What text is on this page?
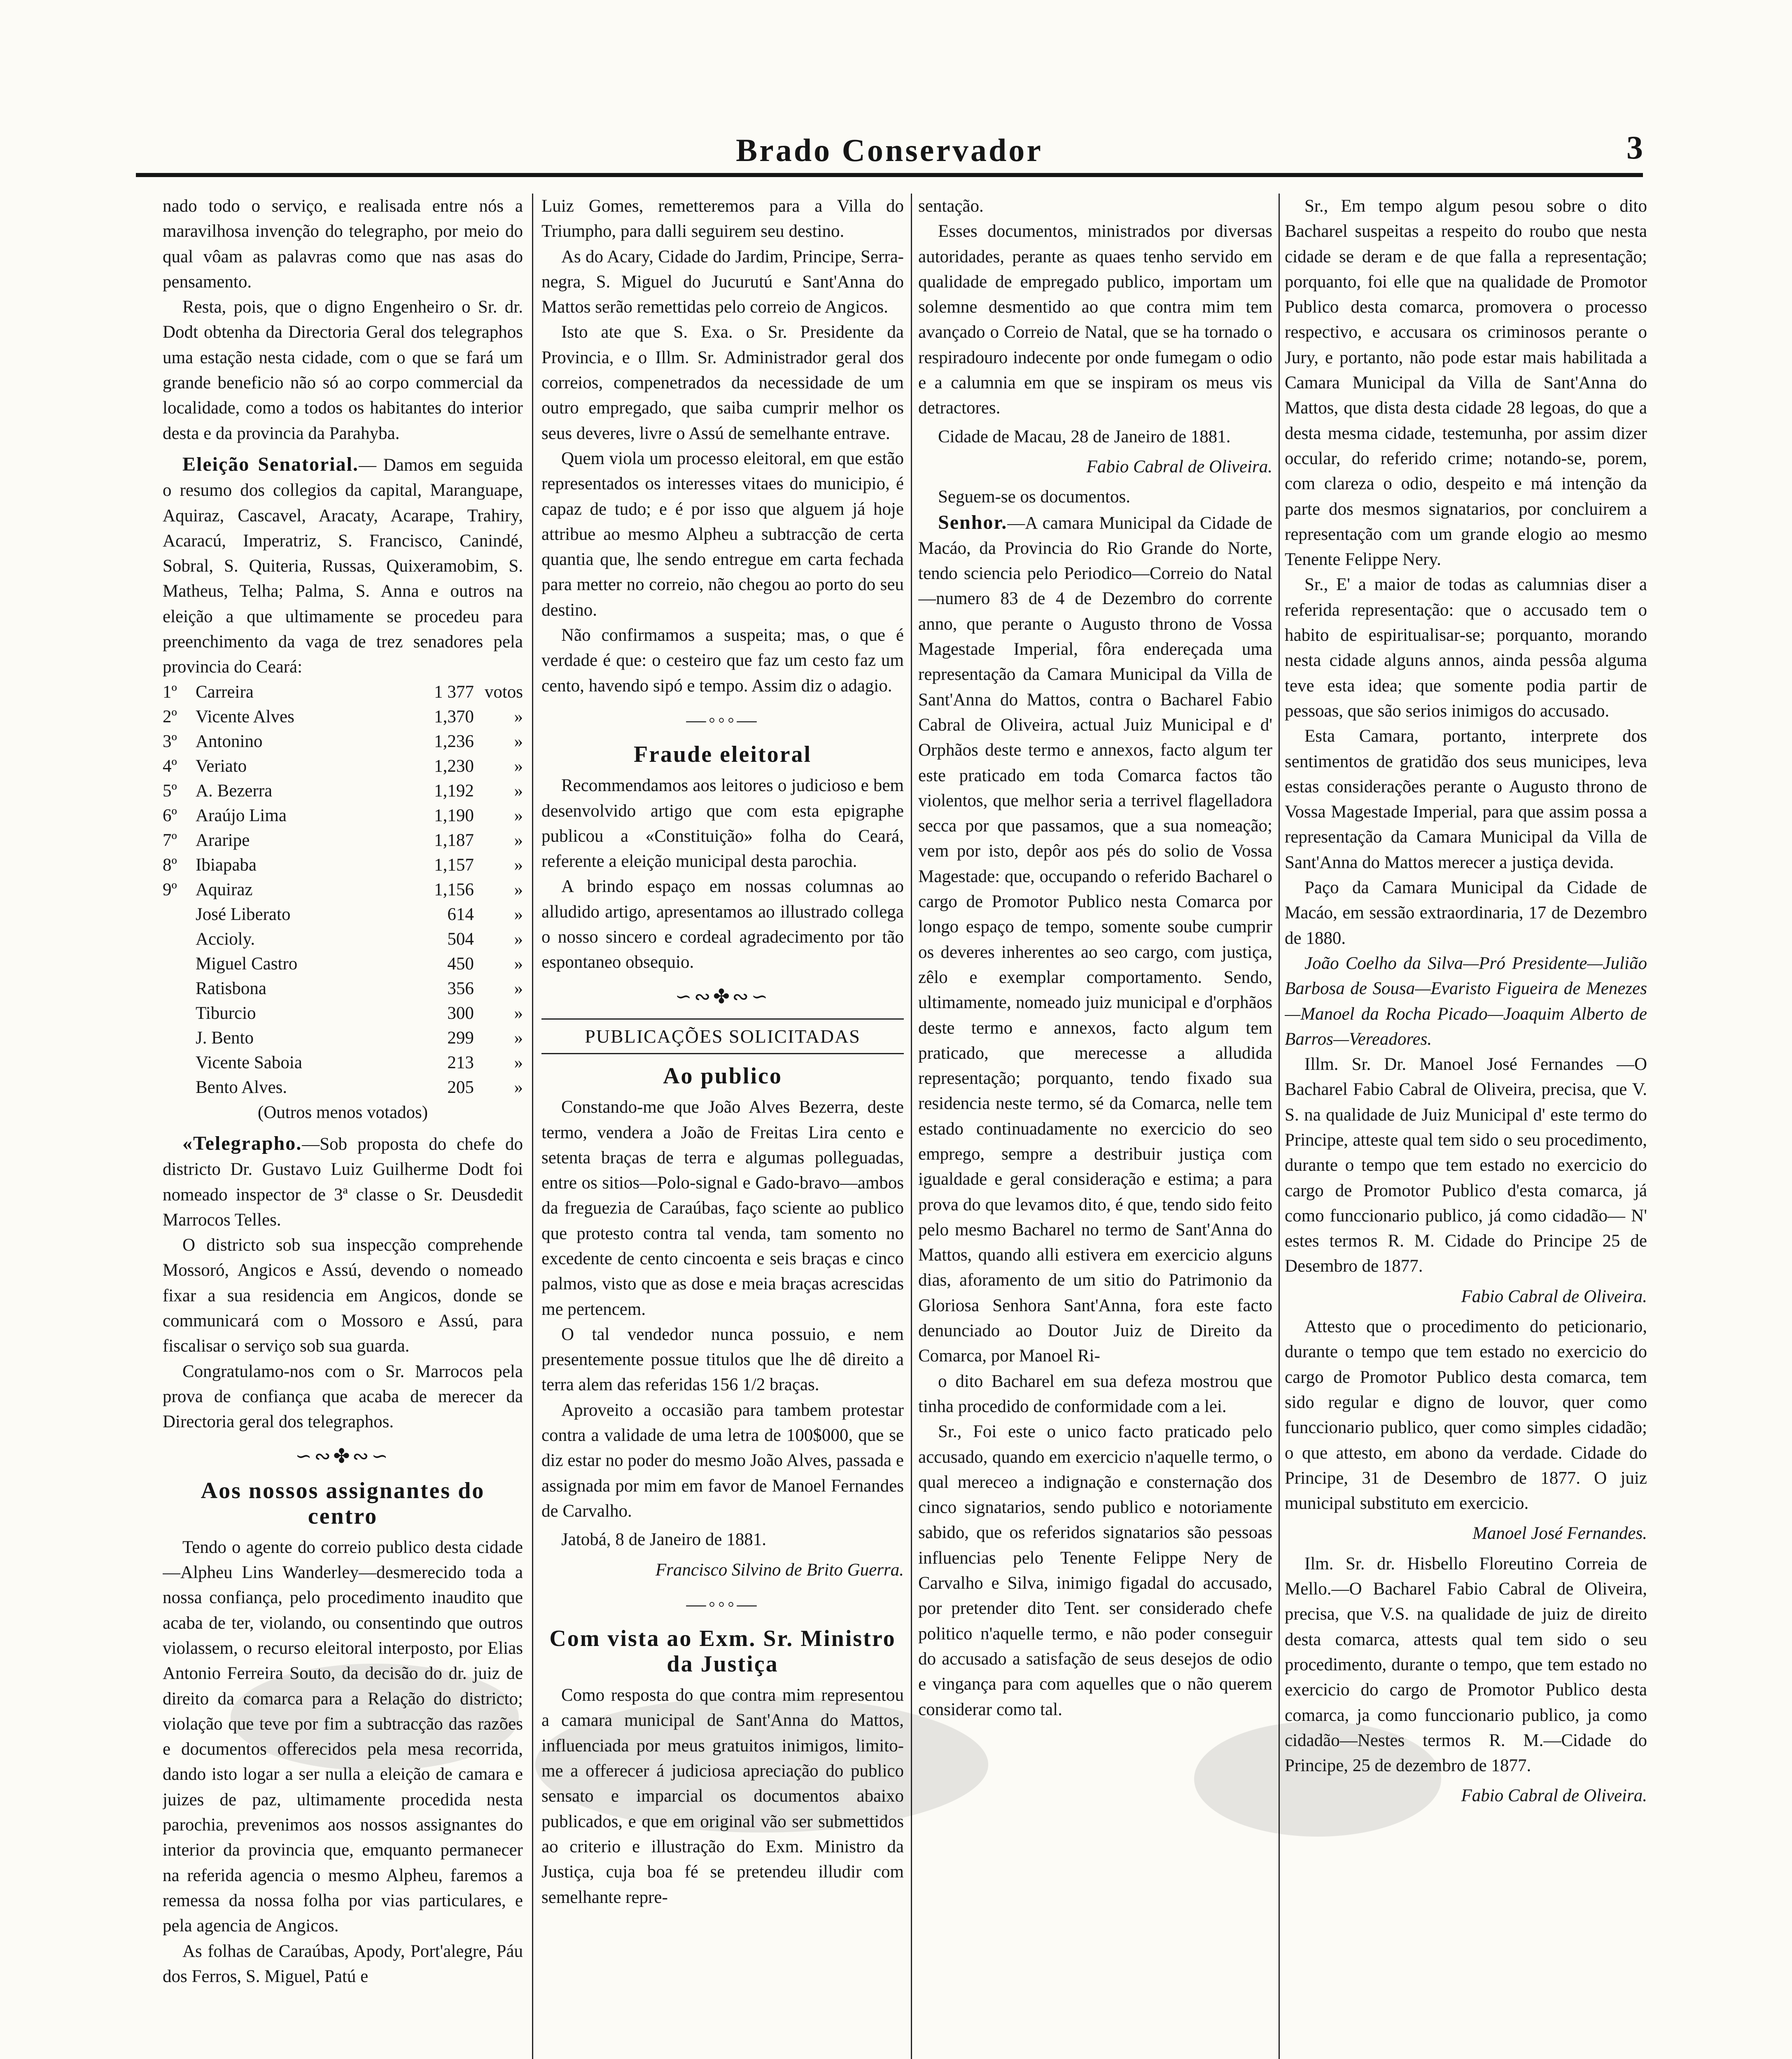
Brado Conservador	3

nado todo o serviço, e realisada entre nós a maravilhosa invenção do telegrapho, por meio do qual vôam as palavras como que nas asas do pensamento.

Resta, pois, que o digno Engenheiro o Sr. dr. Dodt obtenha da Directoria Geral dos telegraphos uma estação nesta cidade, com o que se fará um grande beneficio não só ao corpo commercial da localidade, como a todos os habitantes do interior desta e da provincia da Parahyba.

Eleição Senatorial.— Damos em seguida o resumo dos collegios da capital, Maranguape, Aquiraz, Cascavel, Aracaty, Acarape, Trahiry, Acaracú, Imperatriz, S. Francisco, Canindé, Sobral, S. Quiteria, Russas, Quixeramobim, S. Matheus, Telha; Palma, S. Anna e outros na eleição a que ultimamente se procedeu para preenchimento da vaga de trez senadores pela provincia do Ceará:

1º	Carreira	1 377	votos
2º	Vicente Alves	1,370	»
3º	Antonino	1,236	»
4º	Veriato	1,230	»
5º	A. Bezerra	1,192	»
6º	Araújo Lima	1,190	»
7º	Araripe	1,187	»
8º	Ibiapaba	1,157	»
9º	Aquiraz	1,156	»
	José Liberato	614	»
	Accioly.	504	»
	Miguel Castro	450	»
	Ratisbona	356	»
	Tiburcio	300	»
	J. Bento	299	»
	Vicente Saboia	213	»
	Bento Alves.	205	»

(Outros menos votados)

«Telegrapho.—Sob proposta do chefe do districto Dr. Gustavo Luiz Guilherme Dodt foi nomeado inspector de 3ª classe o Sr. Deusdedit Marrocos Telles.

O districto sob sua inspecção comprehende Mossoró, Angicos e Assú, devendo o nomeado fixar a sua residencia em Angicos, donde se communicará com o Mossoro e Assú, para fiscalisar o serviço sob sua guarda.

Congratulamo-nos com o Sr. Marrocos pela prova de confiança que acaba de merecer da Directoria geral dos telegraphos.

∽∾✤∾∽
Aos nossos assignantes do centro

Tendo o agente do correio publico desta cidade—Alpheu Lins Wanderley—desmerecido toda a nossa confiança, pelo procedimento inaudito que acaba de ter, violando, ou consentindo que outros violassem, o recurso eleitoral interposto, por Elias Antonio Ferreira Souto, da decisão do dr. juiz de direito da comarca para a Relação do districto; violação que teve por fim a subtracção das razões e documentos offerecidos pela mesa recorrida, dando isto logar a ser nulla a eleição de camara e juizes de paz, ultimamente procedida nesta parochia, prevenimos aos nossos assignantes do interior da provincia que, emquanto permanecer na referida agencia o mesmo Alpheu, faremos a remessa da nossa folha por vias particulares, e pela agencia de Angicos.

As folhas de Caraúbas, Apody, Port'alegre, Páu dos Ferros, S. Miguel, Patú e

Luiz Gomes, remetteremos para a Villa do Triumpho, para dalli seguirem seu destino.

As do Acary, Cidade do Jardim, Principe, Serra-negra, S. Miguel do Jucurutú e Sant'Anna do Mattos serão remettidas pelo correio de Angicos.

Isto ate que S. Exa. o Sr. Presidente da Provincia, e o Illm. Sr. Administrador geral dos correios, compenetrados da necessidade de um outro empregado, que saiba cumprir melhor os seus deveres, livre o Assú de semelhante entrave.

Quem viola um processo eleitoral, em que estão representados os interesses vitaes do municipio, é capaz de tudo; e é por isso que alguem já hoje attribue ao mesmo Alpheu a subtracção de certa quantia que, lhe sendo entregue em carta fechada para metter no correio, não chegou ao porto do seu destino.

Não confirmamos a suspeita; mas, o que é verdade é que: o cesteiro que faz um cesto faz um cento, havendo sipó e tempo. Assim diz o adagio.

—◦◦◦—
Fraude eleitoral

Recommendamos aos leitores o judicioso e bem desenvolvido artigo que com esta epigraphe publicou a «Constituição» folha do Ceará, referente a eleição municipal desta parochia.

A brindo espaço em nossas columnas ao alludido artigo, apresentamos ao illustrado collega o nosso sincero e cordeal agradecimento por tão espontaneo obsequio.

∽∾✤∾∽
PUBLICAÇÕES SOLICITADAS
Ao publico

Constando-me que João Alves Bezerra, deste termo, vendera a João de Freitas Lira cento e setenta braças de terra e algumas polleguadas, entre os sitios—Polo-signal e Gado-bravo—ambos da freguezia de Caraúbas, faço sciente ao publico que protesto contra tal venda, tam somento no excedente de cento cincoenta e seis braças e cinco palmos, visto que as dose e meia braças acrescidas me pertencem.

O tal vendedor nunca possuio, e nem presentemente possue titulos que lhe dê direito a terra alem das referidas 156 1/2 braças.

Aproveito a occasião para tambem protestar contra a validade de uma letra de 100$000, que se diz estar no poder do mesmo João Alves, passada e assignada por mim em favor de Manoel Fernandes de Carvalho.

Jatobá, 8 de Janeiro de 1881.

Francisco Silvino de Brito Guerra.

—◦◦◦—
Com vista ao Exm. Sr. Ministro da Justiça

Como resposta do que contra mim representou a camara municipal de Sant'Anna do Mattos, influenciada por meus gratuitos inimigos, limito-me a offerecer á judiciosa apreciação do publico sensato e imparcial os documentos abaixo publicados, e que em original vão ser submettidos ao criterio e illustração do Exm. Ministro da Justiça, cuja boa fé se pretendeu illudir com semelhante repre-

sentação.

Esses documentos, ministrados por diversas autoridades, perante as quaes tenho servido em qualidade de empregado publico, importam um solemne desmentido ao que contra mim tem avançado o Correio de Natal, que se ha tornado o respiradouro indecente por onde fumegam o odio e a calumnia em que se inspiram os meus vis detractores.

Cidade de Macau, 28 de Janeiro de 1881.

Fabio Cabral de Oliveira.

Seguem-se os documentos.

Senhor.—A camara Municipal da Cidade de Macáo, da Provincia do Rio Grande do Norte, tendo sciencia pelo Periodico—Correio do Natal—numero 83 de 4 de Dezembro do corrente anno, que perante o Augusto throno de Vossa Magestade Imperial, fôra endereçada uma representação da Camara Municipal da Villa de Sant'Anna do Mattos, contra o Bacharel Fabio Cabral de Oliveira, actual Juiz Municipal e d' Orphãos deste termo e annexos, facto algum ter este praticado em toda Comarca factos tão violentos, que melhor seria a terrivel flagelladora secca por que passamos, que a sua nomeação; vem por isto, depôr aos pés do solio de Vossa Magestade: que, occupando o referido Bacharel o cargo de Promotor Publico nesta Comarca por longo espaço de tempo, somente soube cumprir os deveres inherentes ao seo cargo, com justiça, zêlo e exemplar comportamento. Sendo, ultimamente, nomeado juiz municipal e d'orphãos deste termo e annexos, facto algum tem praticado, que merecesse a alludida representação; porquanto, tendo fixado sua residencia neste termo, sé da Comarca, nelle tem estado continuadamente no exercicio do seo emprego, sempre a destribuir justiça com igualdade e geral consideração e estima; a para prova do que levamos dito, é que, tendo sido feito pelo mesmo Bacharel no termo de Sant'Anna do Mattos, quando alli estivera em exercicio alguns dias, aforamento de um sitio do Patrimonio da Gloriosa Senhora Sant'Anna, fora este facto denunciado ao Doutor Juiz de Direito da Comarca, por Manoel Ri-

o dito Bacharel em sua defeza mostrou que tinha procedido de conformidade com a lei.

Sr., Foi este o unico facto praticado pelo accusado, quando em exercicio n'aquelle termo, o qual mereceo a indignação e consternação dos cinco signatarios, sendo publico e notoriamente sabido, que os referidos signatarios são pessoas influencias pelo Tenente Felippe Nery de Carvalho e Silva, inimigo figadal do accusado, por pretender dito Tent. ser considerado chefe politico n'aquelle termo, e não poder conseguir do accusado a satisfação de seus desejos de odio e vingança para com aquelles que o não querem considerar como tal.

Sr., Em tempo algum pesou sobre o dito Bacharel suspeitas a respeito do roubo que nesta cidade se deram e de que falla a representação; porquanto, foi elle que na qualidade de Promotor Publico desta comarca, promovera o processo respectivo, e accusara os criminosos perante o Jury, e portanto, não pode estar mais habilitada a Camara Municipal da Villa de Sant'Anna do Mattos, que dista desta cidade 28 legoas, do que a desta mesma cidade, testemunha, por assim dizer occular, do referido crime; notando-se, porem, com clareza o odio, despeito e má intenção da parte dos mesmos signatarios, por concluirem a representação com um grande elogio ao mesmo Tenente Felippe Nery.

Sr., E' a maior de todas as calumnias diser a referida representação: que o accusado tem o habito de espiritualisar-se; porquanto, morando nesta cidade alguns annos, ainda pessôa alguma teve esta idea; que somente podia partir de pessoas, que são serios inimigos do accusado.

Esta Camara, portanto, interprete dos sentimentos de gratidão dos seus municipes, leva estas considerações perante o Augusto throno de Vossa Magestade Imperial, para que assim possa a representação da Camara Municipal da Villa de Sant'Anna do Mattos merecer a justiça devida.

Paço da Camara Municipal da Cidade de Macáo, em sessão extraordinaria, 17 de Dezembro de 1880.

João Coelho da Silva—Pró Presidente—Julião Barbosa de Sousa—Evaristo Figueira de Menezes—Manoel da Rocha Picado—Joaquim Alberto de Barros—Vereadores.

Illm. Sr. Dr. Manoel José Fernandes —O Bacharel Fabio Cabral de Oliveira, precisa, que V. S. na qualidade de Juiz Municipal d' este termo do Principe, atteste qual tem sido o seu procedimento, durante o tempo que tem estado no exercicio do cargo de Promotor Publico d'esta comarca, já como funccionario publico, já como cidadão— N' estes termos R. M. Cidade do Principe 25 de Desembro de 1877.

Fabio Cabral de Oliveira.

Attesto que o procedimento do peticionario, durante o tempo que tem estado no exercicio do cargo de Promotor Publico desta comarca, tem sido regular e digno de louvor, quer como funccionario publico, quer como simples cidadão; o que attesto, em abono da verdade. Cidade do Principe, 31 de Desembro de 1877. O juiz municipal substituto em exercicio.

Manoel José Fernandes.

Ilm. Sr. dr. Hisbello Floreutino Correia de Mello.—O Bacharel Fabio Cabral de Oliveira, precisa, que V.S. na qualidade de juiz de direito desta comarca, attests qual tem sido o seu procedimento, durante o tempo, que tem estado no exercicio do cargo de Promotor Publico desta comarca, ja como funccionario publico, ja como cidadão—Nestes termos R. M.—Cidade do Principe, 25 de dezembro de 1877.

Fabio Cabral de Oliveira.
